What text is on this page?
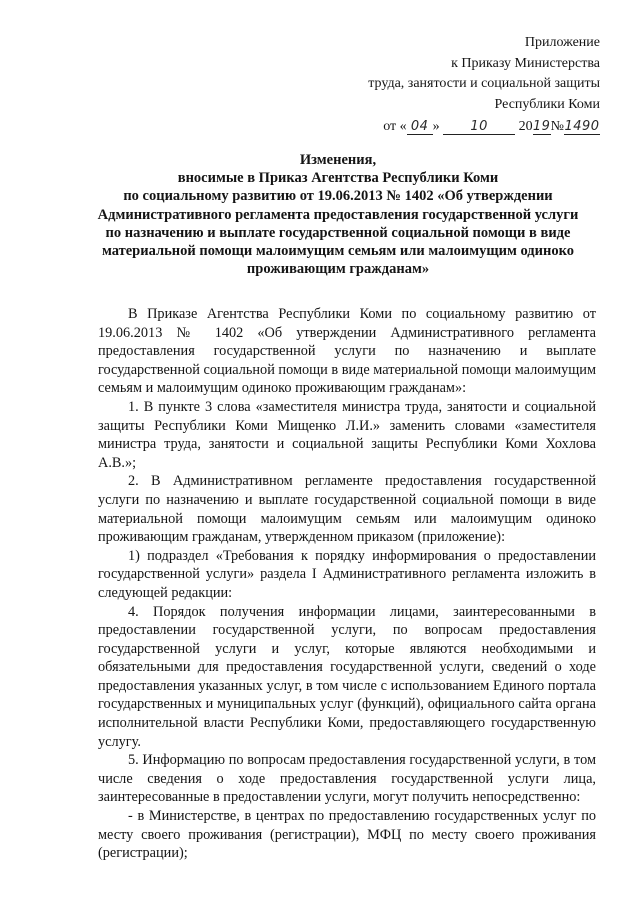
Приложение
к Приказу Министерства
труда, занятости и социальной защиты
Республики Коми
от « 04 » 10 2019№1490
Изменения,
вносимые в Приказ Агентства Республики Коми
по социальному развитию от 19.06.2013 № 1402 «Об утверждении
Административного регламента предоставления государственной услуги
по назначению и выплате государственной социальной помощи в виде
материальной помощи малоимущим семьям или малоимущим одиноко
проживающим гражданам»

В Приказе Агентства Республики Коми по социальному развитию от 19.06.2013 № 1402 «Об утверждении Административного регламента предоставления государственной услуги по назначению и выплате государственной социальной помощи в виде материальной помощи малоимущим семьям и малоимущим одиноко проживающим гражданам»:

1. В пункте 3 слова «заместителя министра труда, занятости и социальной защиты Республики Коми Мищенко Л.И.» заменить словами «заместителя министра труда, занятости и социальной защиты Республики Коми Хохлова А.В.»;

2. В Административном регламенте предоставления государственной услуги по назначению и выплате государственной социальной помощи в виде материальной помощи малоимущим семьям или малоимущим одиноко проживающим гражданам, утвержденном приказом (приложение):

1) подраздел «Требования к порядку информирования о предоставлении государственной услуги» раздела I Административного регламента изложить в следующей редакции:

4. Порядок получения информации лицами, заинтересованными в предоставлении государственной услуги, по вопросам предоставления государственной услуги и услуг, которые являются необходимыми и обязательными для предоставления государственной услуги, сведений о ходе предоставления указанных услуг, в том числе с использованием Единого портала государственных и муниципальных услуг (функций), официального сайта органа исполнительной власти Республики Коми, предоставляющего государственную услугу.

5. Информацию по вопросам предоставления государственной услуги, в том числе сведения о ходе предоставления государственной услуги лица, заинтересованные в предоставлении услуги, могут получить непосредственно:

- в Министерстве, в центрах по предоставлению государственных услуг по месту своего проживания (регистрации), МФЦ по месту своего проживания (регистрации);
